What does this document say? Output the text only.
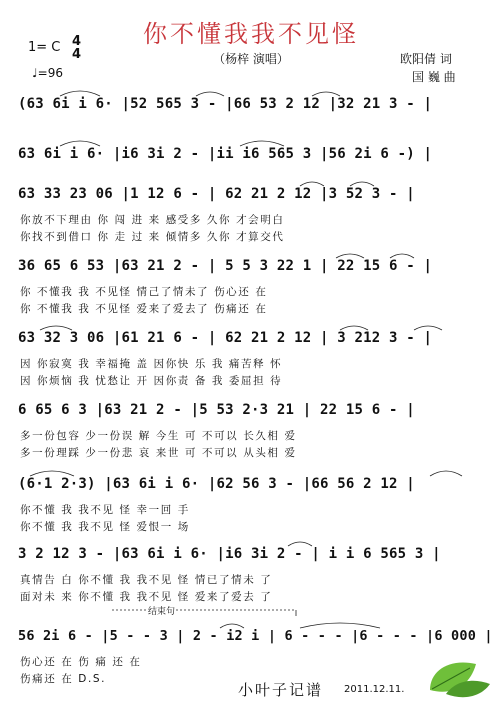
你不懂我我不见怪
（杨梓 演唱）
1= C 4
4
♩=96
欧阳倩 词
国 巍 曲
(63 6i i 6· |52 565 3 - |66 53 2 12 |32 21 3 - |
63 6i i 6· |i6 3i 2 - |ii i6 565 3 |56 2i 6 -) |
63 33 23 06 |1 12 6 - | 62 21 2 12 |3 52 3 - |
你放不下理由 你 闯 进 来 感受多 久你 才会明白
你找不到借口 你 走 过 来 倾情多 久你 才算交代
36 65 6 53 |63 21 2 - | 5 5 3 22 1 | 22 15 6 - |
你 不懂我 我 不见怪 情己了情未了 伤心还 在
你 不懂我 我 不见怪 爱来了爱去了 伤痛还 在
63 32 3 06 |61 21 6 - | 62 21 2 12 | 3 212 3 - |
因 你寂寞 我 幸福掩 盖 因你快 乐 我 痛苦释 怀
因 你烦恼 我 忧愁让 开 因你责 备 我 委屈担 待
6 65 6 3 |63 21 2 - |5 53 2·3 21 | 22 15 6 - |
多一份包容 少一份误 解 今生 可 不可以 长久相 爱
多一份理踩 少一份悲 哀 来世 可 不可以 从头相 爱
(6·1 2·3) |63 6i i 6· |62 56 3 - |66 56 2 12 |
你不懂 我 我不见 怪 幸一回 手
你不懂 我 我不见 怪 爱恨一 场
3 2 12 3 - |63 6i i 6· |i6 3i 2 - | i i 6 565 3 |
真情告 白 你不懂 我 我不见 怪 情已了情未 了
面对未 来 你不懂 我 我不见 怪 爱来了爱去 了
结束句
56 2i 6 - |5 - - 3 | 2 - i2 i | 6 - - - |6 - - - |6 000 |
伤心还 在 伤 痛 还 在
伤痛还 在 D.S.
小叶子记谱 2011.12.11.
